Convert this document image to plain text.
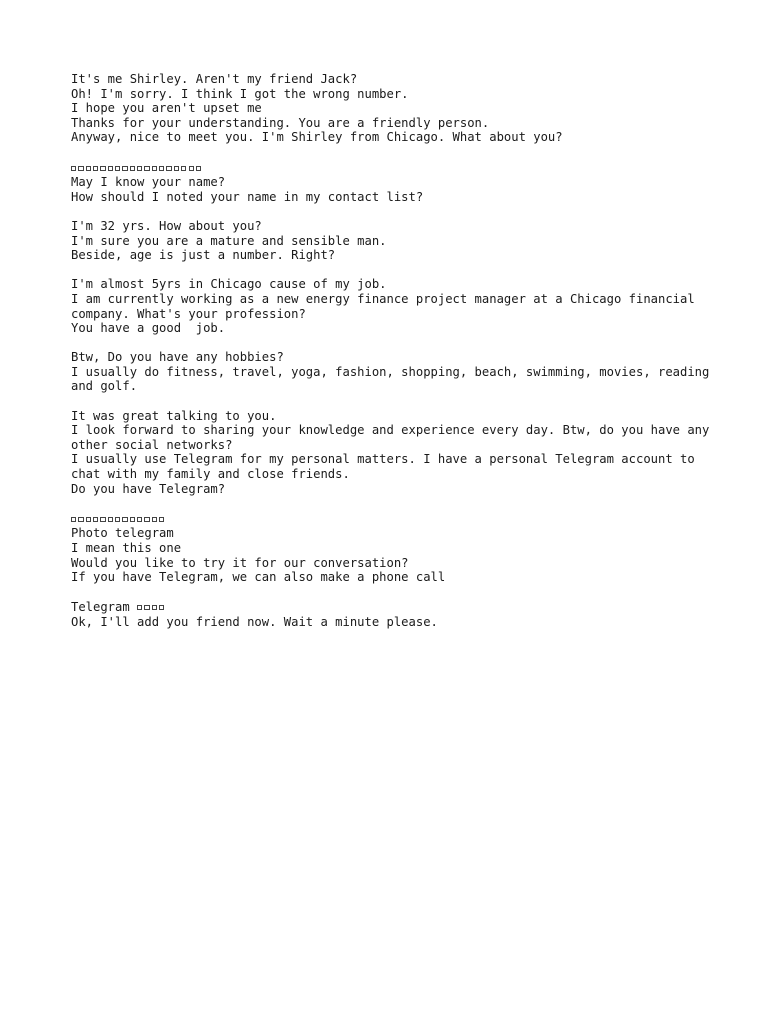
It's me Shirley. Aren't my friend Jack?
Oh! I'm sorry. I think I got the wrong number.
I hope you aren't upset me
Thanks for your understanding. You are a friendly person.
Anyway, nice to meet you. I'm Shirley from Chicago. What about you?
May I know your name?
How should I noted your name in my contact list?
I'm 32 yrs. How about you?
I'm sure you are a mature and sensible man.
Beside, age is just a number. Right?
I'm almost 5yrs in Chicago cause of my job.
I am currently working as a new energy finance project manager at a Chicago financial company. What's your profession?
You have a good  job.
Btw, Do you have any hobbies?
I usually do fitness, travel, yoga, fashion, shopping, beach, swimming, movies, reading and golf.
It was great talking to you.
I look forward to sharing your knowledge and experience every day. Btw, do you have any other social networks?
I usually use Telegram for my personal matters. I have a personal Telegram account to chat with my family and close friends.
Do you have Telegram?
Photo telegram
I mean this one
Would you like to try it for our conversation?
If you have Telegram, we can also make a phone call
Telegram
Ok, I'll add you friend now. Wait a minute please.
